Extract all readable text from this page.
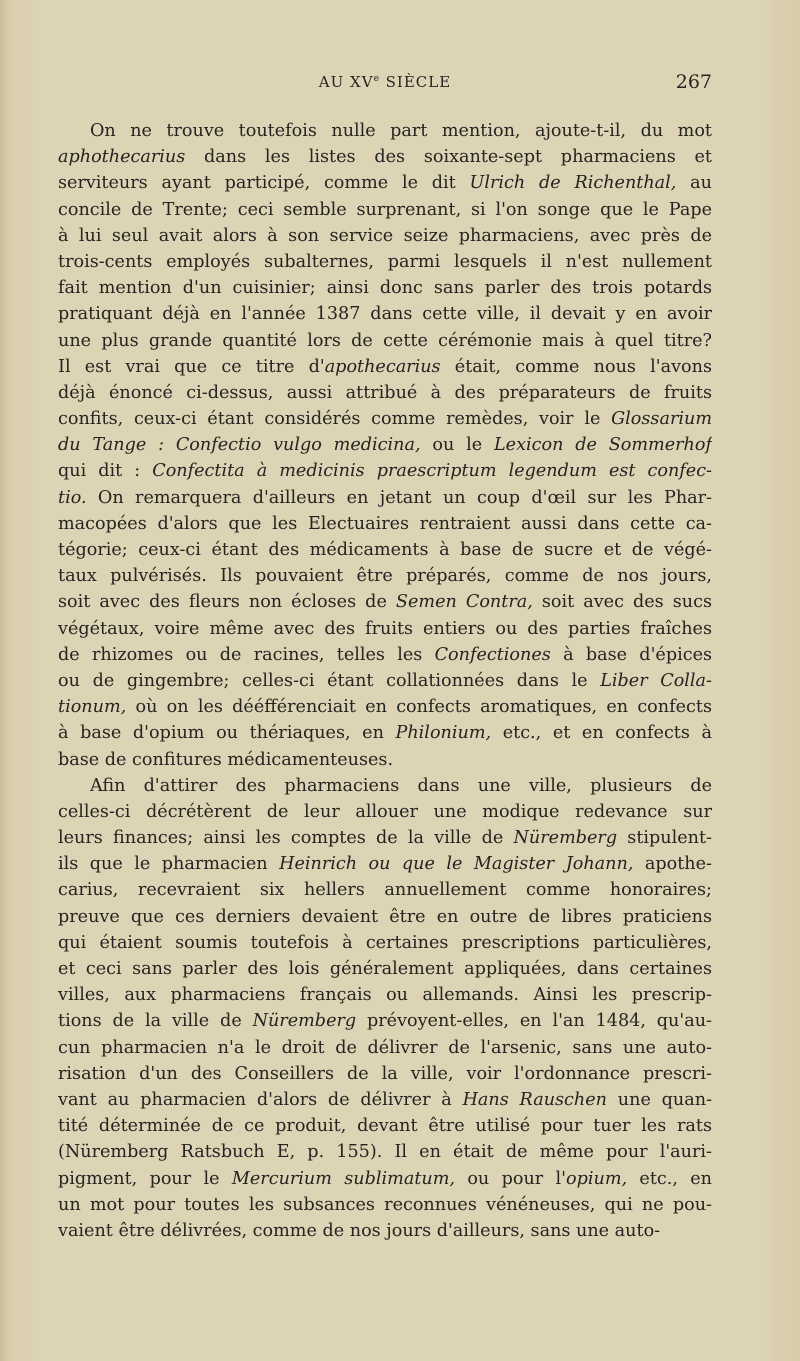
AU XVe SIÈCLE	267
On ne trouve toutefois nulle part mention, ajoute-t-il, du mot
aphothecarius dans les listes des soixante-sept pharmaciens et
serviteurs ayant participé, comme le dit Ulrich de Richenthal, au
concile de Trente; ceci semble surprenant, si l'on songe que le Pape
à lui seul avait alors à son service seize pharmaciens, avec près de
trois-cents employés subalternes, parmi lesquels il n'est nullement
fait mention d'un cuisinier; ainsi donc sans parler des trois potards
pratiquant déjà en l'année 1387 dans cette ville, il devait y en avoir
une plus grande quantité lors de cette cérémonie mais à quel titre?
Il est vrai que ce titre d'apothecarius était, comme nous l'avons
déjà énoncé ci-dessus, aussi attribué à des préparateurs de fruits
confits, ceux-ci étant considérés comme remèdes, voir le Glossarium
du Tange : Confectio vulgo medicina, ou le Lexicon de Sommerhof
qui dit : Confectita à medicinis praescriptum legendum est confec-
tio. On remarquera d'ailleurs en jetant un coup d'œil sur les Phar-
macopées d'alors que les Electuaires rentraient aussi dans cette ca-
tégorie; ceux-ci étant des médicaments à base de sucre et de végé-
taux pulvérisés. Ils pouvaient être préparés, comme de nos jours,
soit avec des fleurs non écloses de Semen Contra, soit avec des sucs
végétaux, voire même avec des fruits entiers ou des parties fraîches
de rhizomes ou de racines, telles les Confectiones à base d'épices
ou de gingembre; celles-ci étant collationnées dans le Liber Colla-
tionum, où on les dééfférenciait en confects aromatiques, en confects
à base d'opium ou thériaques, en Philonium, etc., et en confects à
base de confitures médicamenteuses.
Afin d'attirer des pharmaciens dans une ville, plusieurs de
celles-ci décrétèrent de leur allouer une modique redevance sur
leurs finances; ainsi les comptes de la ville de Nüremberg stipulent-
ils que le pharmacien Heinrich ou que le Magister Johann, apothe-
carius, recevraient six hellers annuellement comme honoraires;
preuve que ces derniers devaient être en outre de libres praticiens
qui étaient soumis toutefois à certaines prescriptions particulières,
et ceci sans parler des lois généralement appliquées, dans certaines
villes, aux pharmaciens français ou allemands. Ainsi les prescrip-
tions de la ville de Nüremberg prévoyent-elles, en l'an 1484, qu'au-
cun pharmacien n'a le droit de délivrer de l'arsenic, sans une auto-
risation d'un des Conseillers de la ville, voir l'ordonnance prescri-
vant au pharmacien d'alors de délivrer à Hans Rauschen une quan-
tité déterminée de ce produit, devant être utilisé pour tuer les rats
(Nüremberg Ratsbuch E, p. 155). Il en était de même pour l'auri-
pigment, pour le Mercurium sublimatum, ou pour l'opium, etc., en
un mot pour toutes les subsances reconnues vénéneuses, qui ne pou-
vaient être délivrées, comme de nos jours d'ailleurs, sans une auto-
